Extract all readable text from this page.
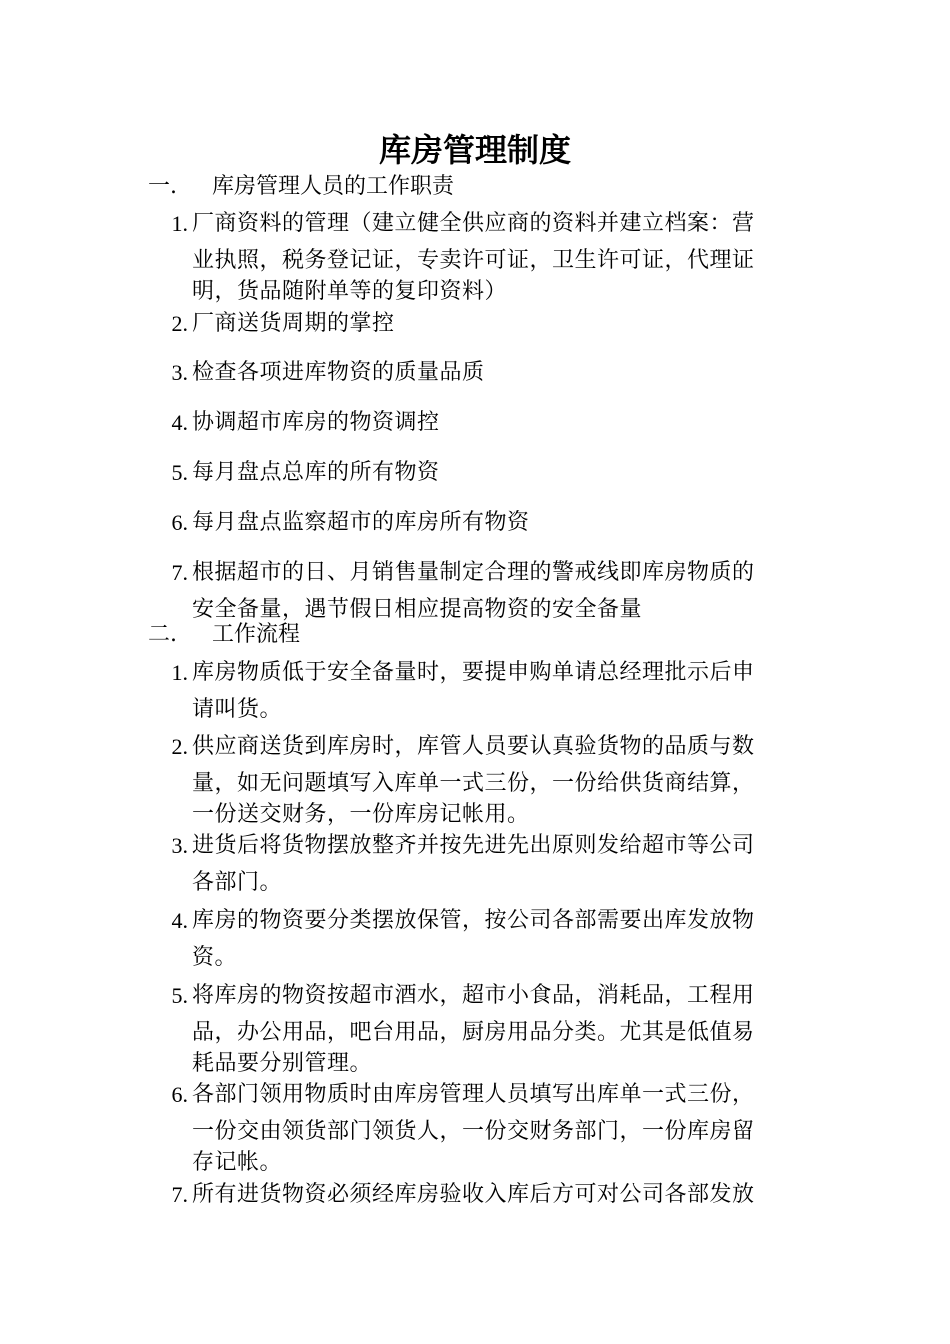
库房管理制度
一. 库房管理人员的工作职责
1. 厂商资料的管理（建立健全供应商的资料并建立档案：营
业执照，税务登记证，专卖许可证，卫生许可证，代理证
明，货品随附单等的复印资料）
2. 厂商送货周期的掌控
3. 检查各项进库物资的质量品质
4. 协调超市库房的物资调控
5. 每月盘点总库的所有物资
6. 每月盘点监察超市的库房所有物资
7. 根据超市的日、月销售量制定合理的警戒线即库房物质的
安全备量，遇节假日相应提高物资的安全备量
二. 工作流程
1. 库房物质低于安全备量时，要提申购单请总经理批示后申
请叫货。
2. 供应商送货到库房时，库管人员要认真验货物的品质与数
量，如无问题填写入库单一式三份，一份给供货商结算，
一份送交财务，一份库房记帐用。
3. 进货后将货物摆放整齐并按先进先出原则发给超市等公司
各部门。
4. 库房的物资要分类摆放保管，按公司各部需要出库发放物
资。
5. 将库房的物资按超市酒水，超市小食品，消耗品，工程用
品，办公用品，吧台用品，厨房用品分类。尤其是低值易
耗品要分别管理。
6. 各部门领用物质时由库房管理人员填写出库单一式三份，
一份交由领货部门领货人，一份交财务部门，一份库房留
存记帐。
7. 所有进货物资必须经库房验收入库后方可对公司各部发放
